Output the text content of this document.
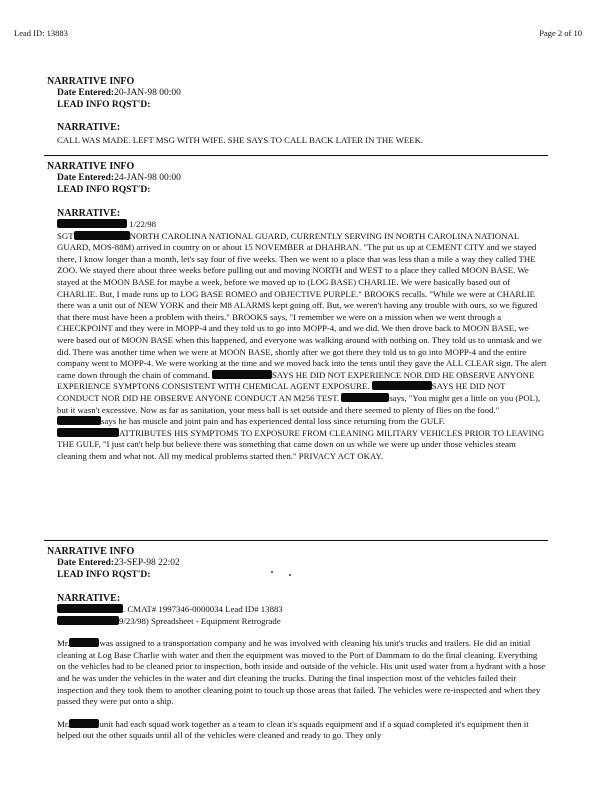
Lead ID: 13883	Page 2 of 10
NARRATIVE INFO
Date Entered:20-JAN-98 00:00
LEAD INFO RQST'D:
NARRATIVE:
CALL WAS MADE. LEFT MSG WITH WIFE. SHE SAYS TO CALL BACK LATER IN THE WEEK.
NARRATIVE INFO
Date Entered:24-JAN-98 00:00
LEAD INFO RQST'D:
NARRATIVE:

1/22/98

SGT	NORTH CAROLINA NATIONAL GUARD, CURRENTLY SERVING IN NORTH CAROLINA NATIONAL GUARD, MOS-88M) arrived in country on or about 15 NOVEMBER at DHAHRAN. "The put us up at CEMENT CITY and we stayed there, I know longer than a month, let's say four of five weeks. Then we went to a place that was less than a mile a way they called THE ZOO. We stayed there about three weeks before pulling out and moving NORTH and WEST to a place they called MOON BASE. We stayed at the MOON BASE for maybe a week, before we moved up to (LOG BASE) CHARLIE. We were basically based out of CHARLIE. But, I made runs up to LOG BASE ROMEO and OBJECTIVE PURPLE." BROOKS recalls. "While we were at CHARLIE there was a unit out of NEW YORK and their M8 ALARMS kept going off. But, we weren't having any trouble with ours, so we figured that there must have been a problem with theirs." BROOKS says, "I remember we were on a mission when we went through a CHECKPOINT and they were in MOPP-4 and they told us to go into MOPP-4, and we did. We then drove back to MOON BASE, we were based out of MOON BASE when this happened, and everyone was walking around with nothing on. They told us to unmask and we did. There was another time when we were at MOON BASE, shortly after we got there they told us to go into MOPP-4 and the entire company went to MOPP-4. We were working at the time and we moved back into the tents until they gave the ALL CLEAR sign. The alert came down through the chain of command.	SAYS HE DID NOT EXPERIENCE NOR DID HE OBSERVE ANYONE EXPERIENCE SYMPTONS CONSISTENT WITH CHEMICAL AGENT EXPOSURE.	SAYS HE DID NOT CONDUCT NOR DID HE OBSERVE ANYONE CONDUCT AN M256 TEST.	says, "You might get a little on you (POL), but it wasn't excessive. Now as far as sanitation, your mess hall is set outside and there seemed to plenty of flies on the food."

says he has muscle and joint pain and has experienced dental loss since returning from the GULF.

ATTRIBUTES HIS SYMPTOMS TO EXPOSURE FROM CLEANING MILITARY VEHICLES PRIOR TO LEAVING THE GULF, "I just can't help but believe there was something that came down on us while we were up under those vehicles steam cleaning them and what not. All my medical problems started then." PRIVACY ACT OKAY.

NARRATIVE INFO
Date Entered:23-SEP-98 22:02
LEAD INFO RQST'D:
NARRATIVE:

. CMAT# 1997346-0000034 Lead ID# 13883

9/23/98) Spreadsheet - Equipment Retrograde

Mr.	was assigned to a transportation company and he was involved with cleaning his unit's trucks and trailers. He did an initial cleaning at Log Base Charlie with water and then the equipment was moved to the Port of Dammam to do the final cleaning. Everything on the vehicles had to be cleaned prior to inspection, both inside and outside of the vehicle. His unit used water from a hydrant with a hose and he was under the vehicles in the water and dirt cleaning the trucks. During the final inspection most of the vehicles failed their inspection and they took them to another cleaning point to touch up those areas that failed. The vehicles were re-inspected and when they passed they were put onto a ship.

Mr.	unit had each squad work together as a team to clean it's squads equipment and if a squad completed it's equipment then it helped out the other squads until all of the vehicles were cleaned and ready to go. They only
